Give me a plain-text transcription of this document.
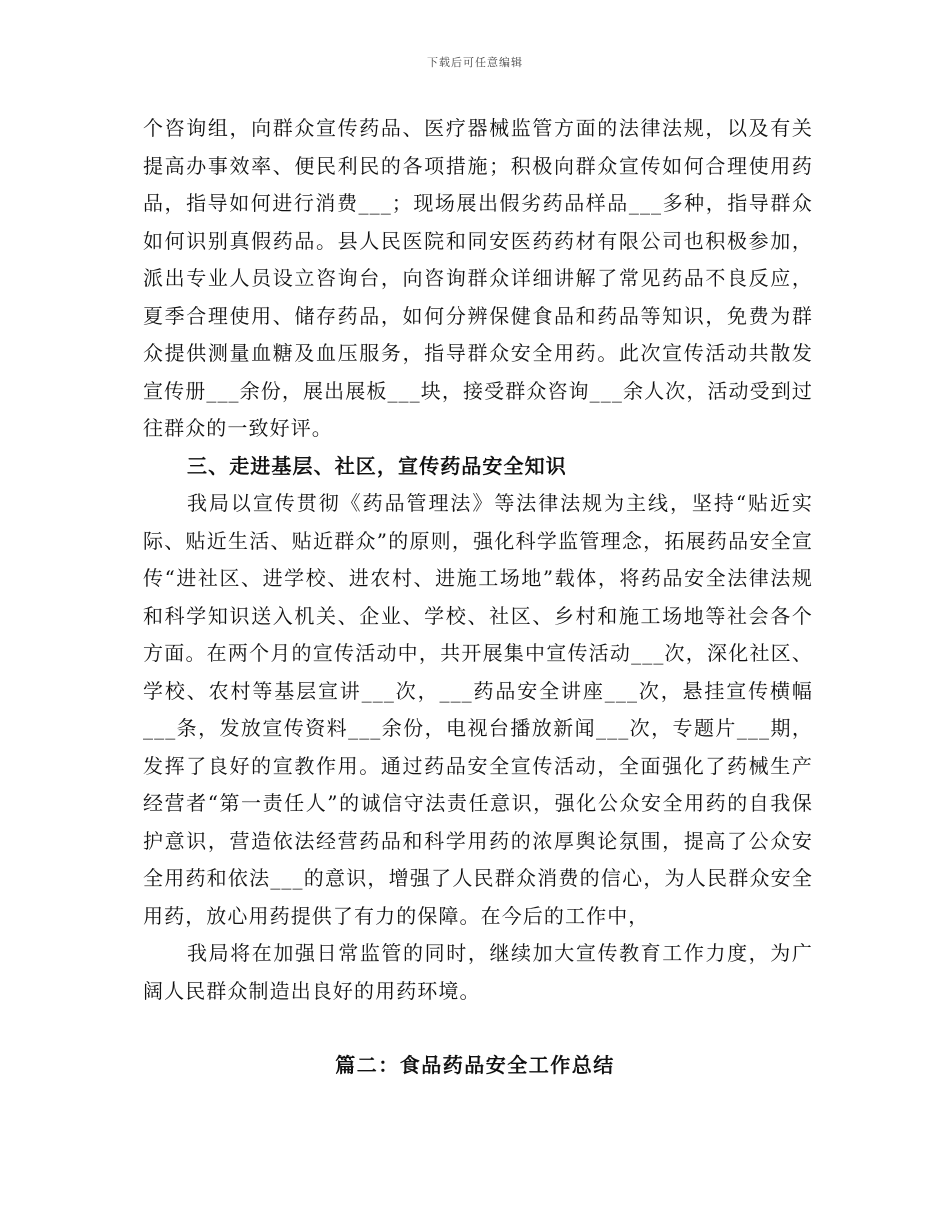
下载后可任意编辑

个咨询组，向群众宣传药品、医疗器械监管方面的法律法规，以及有关提高办事效率、便民利民的各项措施；积极向群众宣传如何合理使用药品，指导如何进行消费___；现场展出假劣药品样品___多种，指导群众如何识别真假药品。县人民医院和同安医药药材有限公司也积极参加，派出专业人员设立咨询台，向咨询群众详细讲解了常见药品不良反应，夏季合理使用、储存药品，如何分辨保健食品和药品等知识，免费为群众提供测量血糖及血压服务，指导群众安全用药。此次宣传活动共散发宣传册___余份，展出展板___块，接受群众咨询___余人次，活动受到过往群众的一致好评。

三、走进基层、社区，宣传药品安全知识

我局以宣传贯彻《药品管理法》等法律法规为主线，坚持“贴近实际、贴近生活、贴近群众”的原则，强化科学监管理念，拓展药品安全宣传“进社区、进学校、进农村、进施工场地”载体，将药品安全法律法规和科学知识送入机关、企业、学校、社区、乡村和施工场地等社会各个方面。在两个月的宣传活动中，共开展集中宣传活动___次，深化社区、学校、农村等基层宣讲___次，___药品安全讲座___次，悬挂宣传横幅___条，发放宣传资料___余份，电视台播放新闻___次，专题片___期，发挥了良好的宣教作用。通过药品安全宣传活动，全面强化了药械生产经营者“第一责任人”的诚信守法责任意识，强化公众安全用药的自我保护意识，营造依法经营药品和科学用药的浓厚舆论氛围，提高了公众安全用药和依法___的意识，增强了人民群众消费的信心，为人民群众安全用药，放心用药提供了有力的保障。在今后的工作中，

我局将在加强日常监管的同时，继续加大宣传教育工作力度，为广阔人民群众制造出良好的用药环境。

篇二：食品药品安全工作总结
